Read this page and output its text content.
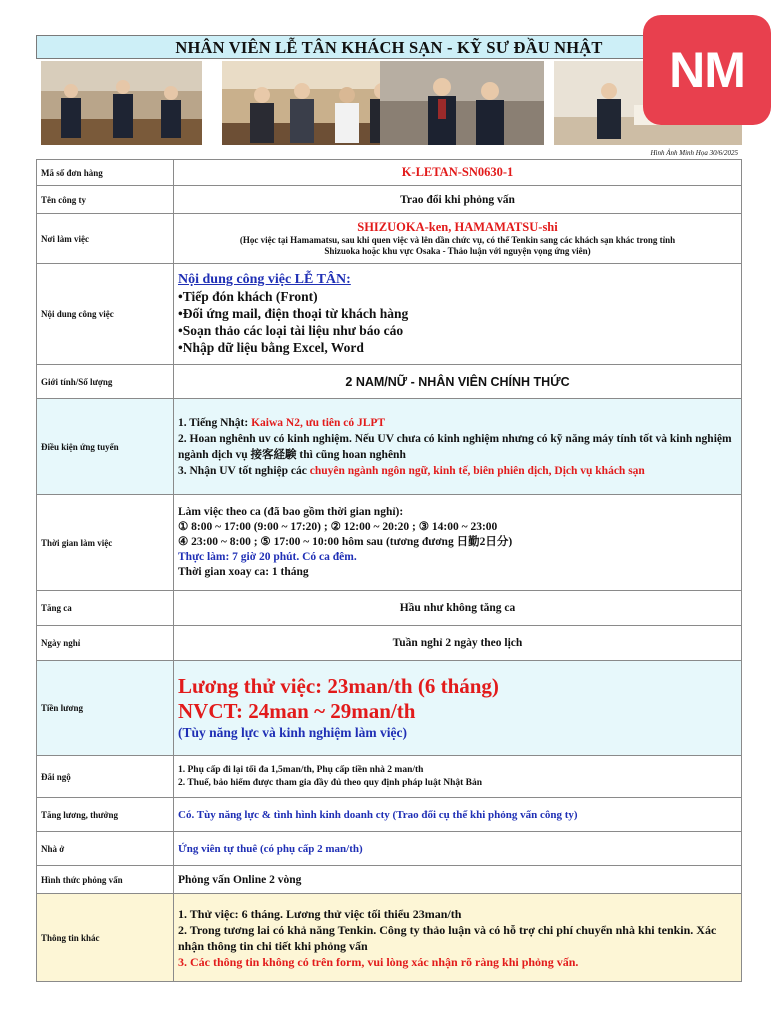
NHÂN VIÊN LỄ TÂN KHÁCH SẠN - KỸ SƯ ĐẦU NHẬT
Hình Ảnh Minh Họa 30/6/2025
Mã số đơn hàng	K-LETAN-SN0630-1
Tên công ty	Trao đổi khi phỏng vấn
Nơi làm việc	SHIZUOKA-ken, HAMAMATSU-shi
(Học việc tại Hamamatsu, sau khi quen việc và lên dần chức vụ, có thể Tenkin sang các khách sạn khác trong tỉnh
Shizuoka hoặc khu vực Osaka - Thảo luận với nguyện vọng ứng viên)

Nội dung công việc	Nội dung công việc LỄ TÂN:
•Tiếp đón khách (Front)
•Đối ứng mail, điện thoại từ khách hàng
•Soạn thảo các loại tài liệu như báo cáo
•Nhập dữ liệu bằng Excel, Word

Giới tính/Số lượng	2 NAM/NỮ - NHÂN VIÊN CHÍNH THỨC
Điều kiện ứng tuyển	1. Tiếng Nhật: Kaiwa N2, ưu tiên có JLPT
2. Hoan nghênh uv có kinh nghiệm. Nếu UV chưa có kinh nghiệm nhưng có kỹ năng máy tính tốt và kinh nghiệm ngành dịch vụ 接客経験 thì cũng hoan nghênh
3. Nhận UV tốt nghiệp các chuyên ngành ngôn ngữ, kinh tế, biên phiên dịch, Dịch vụ khách sạn

Thời gian làm việc	Làm việc theo ca (đã bao gồm thời gian nghỉ):
① 8:00 ~ 17:00 (9:00 ~ 17:20) ; ② 12:00 ~ 20:20 ; ③ 14:00 ~ 23:00
④ 23:00 ~ 8:00 ; ⑤ 17:00 ~ 10:00 hôm sau (tương đương 日勤2日分)
Thực làm: 7 giờ 20 phút. Có ca đêm.
Thời gian xoay ca: 1 tháng

Tăng ca	Hầu như không tăng ca
Ngày nghỉ	Tuần nghỉ 2 ngày theo lịch
Tiền lương	Lương thử việc: 23man/th (6 tháng)
NVCT: 24man ~ 29man/th
(Tùy năng lực và kinh nghiệm làm việc)

Đãi ngộ	1. Phụ cấp đi lại tối đa 1,5man/th, Phụ cấp tiền nhà 2 man/th
2. Thuế, bảo hiểm được tham gia đầy đủ theo quy định pháp luật Nhật Bản

Tăng lương, thưởng	Có. Tùy năng lực & tình hình kinh doanh cty (Trao đổi cụ thể khi phỏng vấn công ty)
Nhà ở	Ứng viên tự thuê (có phụ cấp 2 man/th)
Hình thức phỏng vấn	Phỏng vấn Online 2 vòng
Thông tin khác	1. Thử việc: 6 tháng. Lương thử việc tối thiểu 23man/th
2. Trong tương lai có khả năng Tenkin. Công ty thảo luận và có hỗ trợ chi phí chuyển nhà khi tenkin. Xác nhận thông tin chi tiết khi phỏng vấn
3. Các thông tin không có trên form, vui lòng xác nhận rõ ràng khi phỏng vấn.
NM
